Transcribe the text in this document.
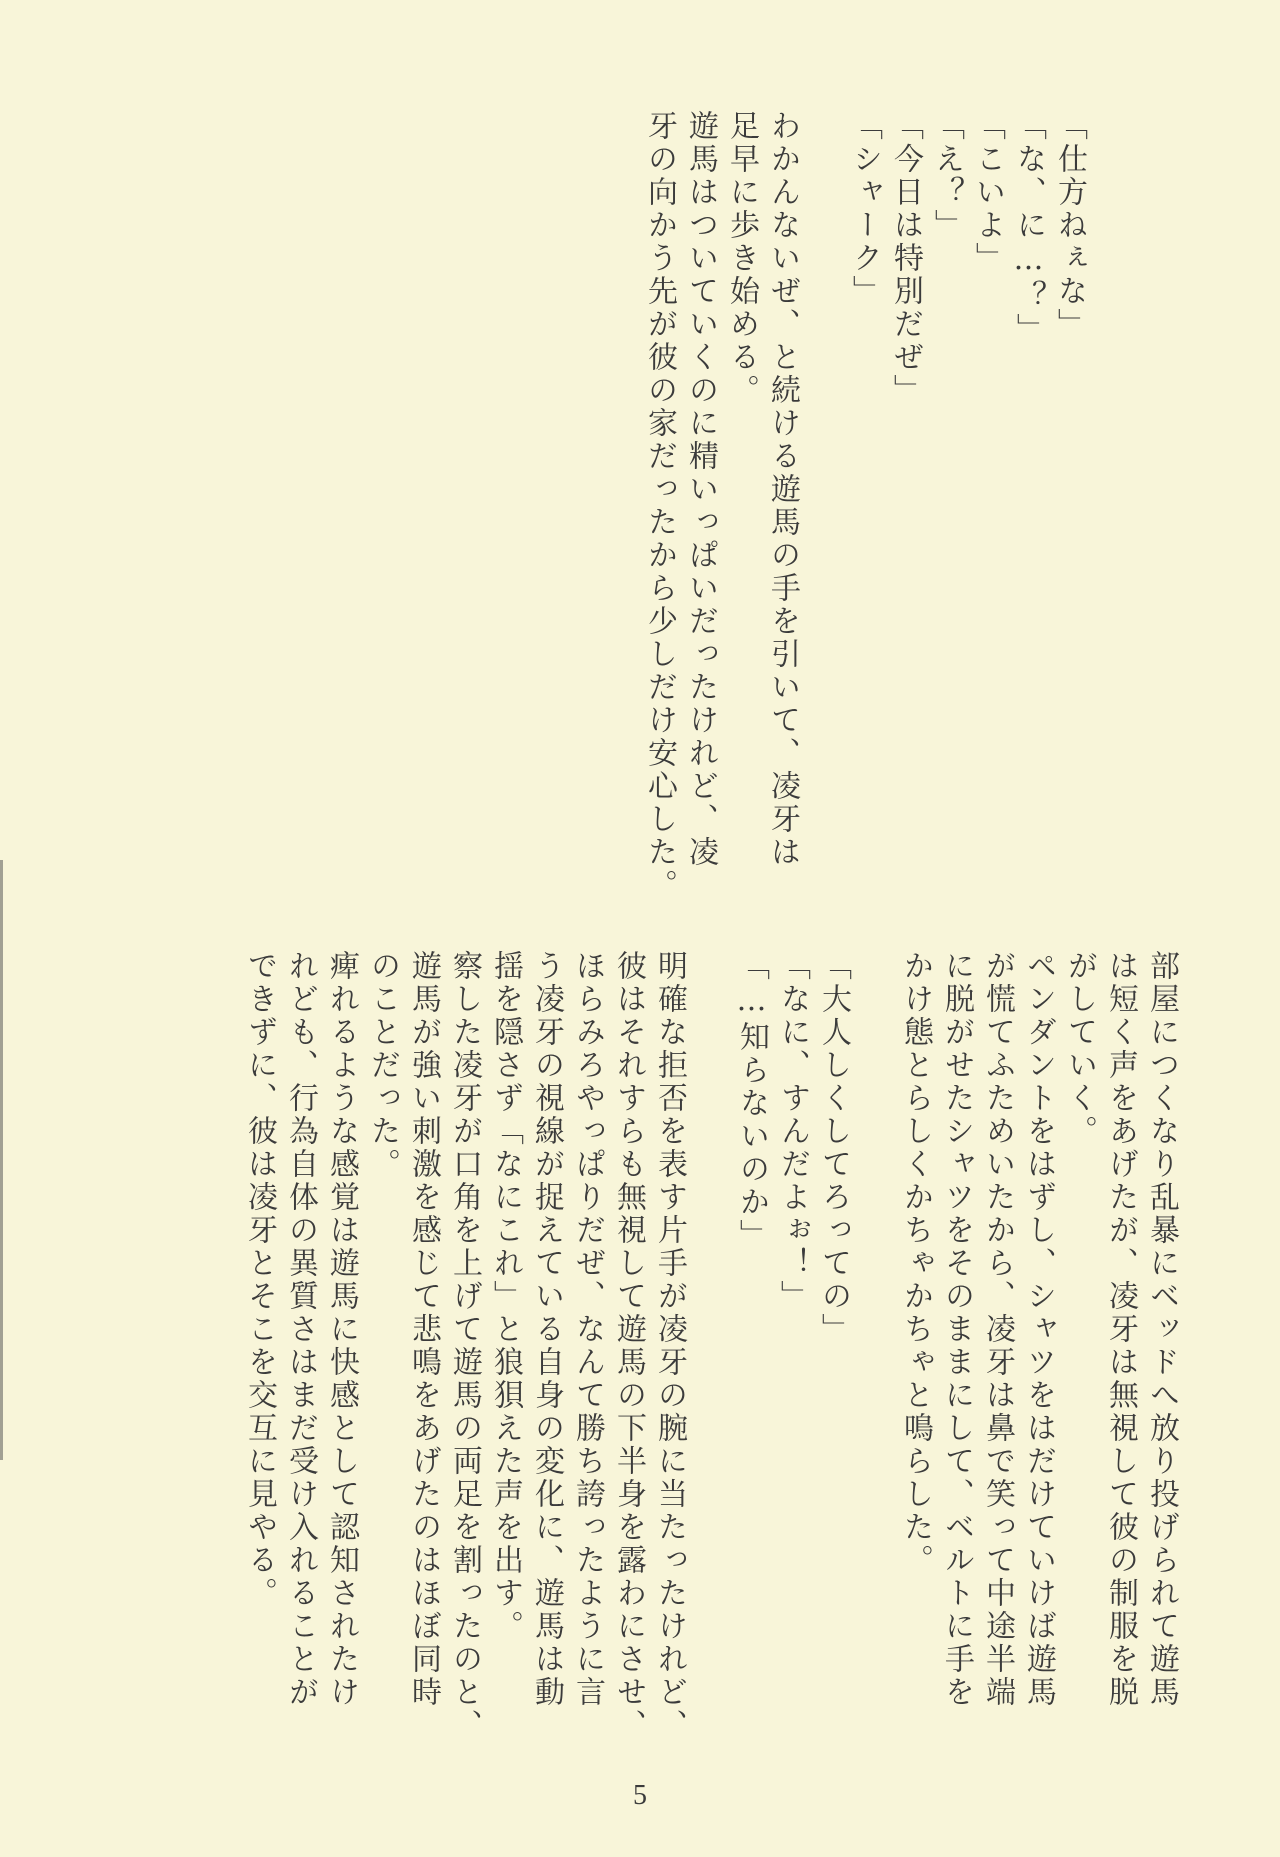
「仕方ねぇな」
「な、に…？」
「こいよ」
「え？」
「今日は特別だぜ」
「シャーク」
わかんないぜ、と続ける遊馬の手を引いて、凌牙は
足早に歩き始める。
遊馬はついていくのに精いっぱいだったけれど、凌
牙の向かう先が彼の家だったから少しだけ安心した。
部屋につくなり乱暴にベッドへ放り投げられて遊馬
は短く声をあげたが、凌牙は無視して彼の制服を脱
がしていく。
ペンダントをはずし、シャツをはだけていけば遊馬
が慌てふためいたから、凌牙は鼻で笑って中途半端
に脱がせたシャツをそのままにして、ベルトに手を
かけ態とらしくかちゃかちゃと鳴らした。
「大人しくしてろっての」
「なに、すんだよぉ！」
「…知らないのか」
明確な拒否を表す片手が凌牙の腕に当たったけれど、
彼はそれすらも無視して遊馬の下半身を露わにさせ、
ほらみろやっぱりだぜ、なんて勝ち誇ったように言
う凌牙の視線が捉えている自身の変化に、遊馬は動
揺を隠さず「なにこれ」と狼狽えた声を出す。
察した凌牙が口角を上げて遊馬の両足を割ったのと、
遊馬が強い刺激を感じて悲鳴をあげたのはほぼ同時
のことだった。
痺れるような感覚は遊馬に快感として認知されたけ
れども、行為自体の異質さはまだ受け入れることが
できずに、彼は凌牙とそこを交互に見やる。
5
